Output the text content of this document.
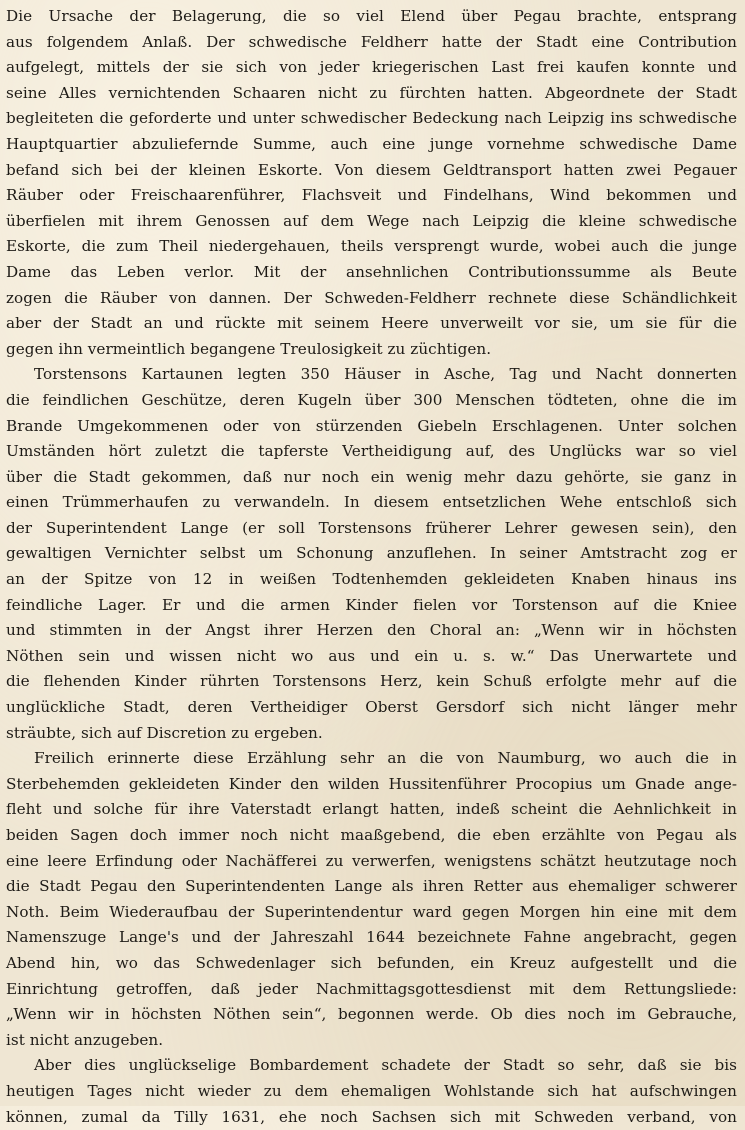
Die Ursache der Belagerung, die so viel Elend über Pegau brachte, entsprang
aus folgendem Anlaß. Der schwedische Feldherr hatte der Stadt eine Contribution
aufgelegt, mittels der sie sich von jeder kriegerischen Last frei kaufen konnte und
seine Alles vernichtenden Schaaren nicht zu fürchten hatten. Abgeordnete der Stadt
begleiteten die geforderte und unter schwedischer Bedeckung nach Leipzig ins schwedische
Hauptquartier abzuliefernde Summe, auch eine junge vornehme schwedische Dame
befand sich bei der kleinen Eskorte. Von diesem Geldtransport hatten zwei Pegauer
Räuber oder Freischaarenführer, Flachsveit und Findelhans, Wind bekommen und
überfielen mit ihrem Genossen auf dem Wege nach Leipzig die kleine schwedische
Eskorte, die zum Theil niedergehauen, theils versprengt wurde, wobei auch die junge
Dame das Leben verlor. Mit der ansehnlichen Contributionssumme als Beute
zogen die Räuber von dannen. Der Schweden-Feldherr rechnete diese Schändlichkeit
aber der Stadt an und rückte mit seinem Heere unverweilt vor sie, um sie für die
gegen ihn vermeintlich begangene Treulosigkeit zu züchtigen.
Torstensons Kartaunen legten 350 Häuser in Asche, Tag und Nacht donnerten
die feindlichen Geschütze, deren Kugeln über 300 Menschen tödteten, ohne die im
Brande Umgekommenen oder von stürzenden Giebeln Erschlagenen. Unter solchen
Umständen hört zuletzt die tapferste Vertheidigung auf, des Unglücks war so viel
über die Stadt gekommen, daß nur noch ein wenig mehr dazu gehörte, sie ganz in
einen Trümmerhaufen zu verwandeln. In diesem entsetzlichen Wehe entschloß sich
der Superintendent Lange (er soll Torstensons früherer Lehrer gewesen sein), den
gewaltigen Vernichter selbst um Schonung anzuflehen. In seiner Amtstracht zog er
an der Spitze von 12 in weißen Todtenhemden gekleideten Knaben hinaus ins
feindliche Lager. Er und die armen Kinder fielen vor Torstenson auf die Kniee
und stimmten in der Angst ihrer Herzen den Choral an: „Wenn wir in höchsten
Nöthen sein und wissen nicht wo aus und ein u. s. w.“ Das Unerwartete und
die flehenden Kinder rührten Torstensons Herz, kein Schuß erfolgte mehr auf die
unglückliche Stadt, deren Vertheidiger Oberst Gersdorf sich nicht länger mehr
sträubte, sich auf Discretion zu ergeben.
Freilich erinnerte diese Erzählung sehr an die von Naumburg, wo auch die in
Sterbehemden gekleideten Kinder den wilden Hussitenführer Procopius um Gnade ange-
fleht und solche für ihre Vaterstadt erlangt hatten, indeß scheint die Aehnlichkeit in
beiden Sagen doch immer noch nicht maaßgebend, die eben erzählte von Pegau als
eine leere Erfindung oder Nachäfferei zu verwerfen, wenigstens schätzt heutzutage noch
die Stadt Pegau den Superintendenten Lange als ihren Retter aus ehemaliger schwerer
Noth. Beim Wiederaufbau der Superintendentur ward gegen Morgen hin eine mit dem
Namenszuge Lange's und der Jahreszahl 1644 bezeichnete Fahne angebracht, gegen
Abend hin, wo das Schwedenlager sich befunden, ein Kreuz aufgestellt und die
Einrichtung getroffen, daß jeder Nachmittagsgottesdienst mit dem Rettungsliede:
„Wenn wir in höchsten Nöthen sein“, begonnen werde. Ob dies noch im Gebrauche,
ist nicht anzugeben.
Aber dies unglückselige Bombardement schadete der Stadt so sehr, daß sie bis
heutigen Tages nicht wieder zu dem ehemaligen Wohlstande sich hat aufschwingen
können, zumal da Tilly 1631, ehe noch Sachsen sich mit Schweden verband, von
